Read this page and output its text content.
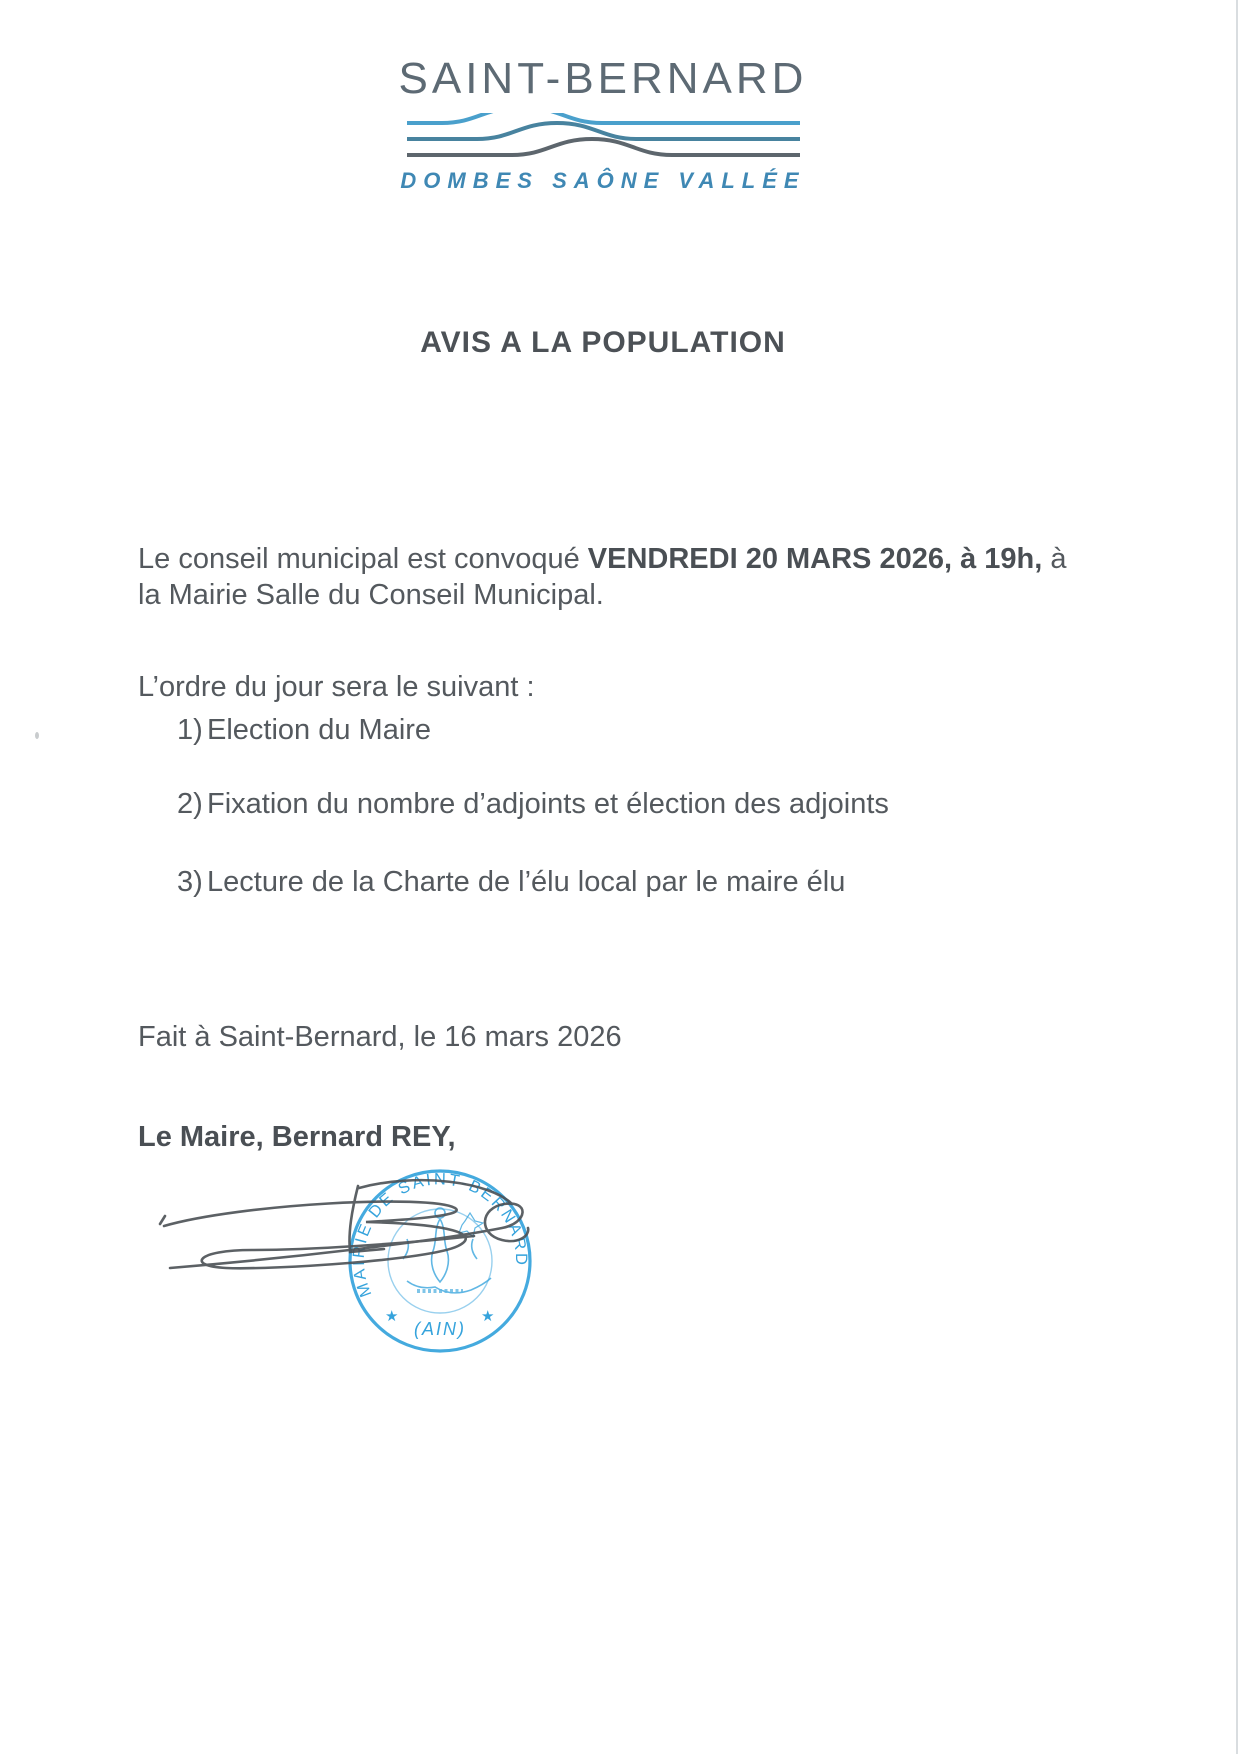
SAINT-BERNARD
DOMBES SAÔNE VALLÉE
AVIS A LA POPULATION

Le conseil municipal est convoqué VENDREDI 20 MARS 2026, à 19h, à
la Mairie Salle du Conseil Municipal.

L’ordre du jour sera le suivant :

1) Election du Maire
2) Fixation du nombre d’adjoints et élection des adjoints
3) Lecture de la Charte de l’élu local par le maire élu

Fait à Saint-Bernard, le 16 mars 2026

Le Maire, Bernard REY,

MAIRIE DE SAINT-BERNARD
★	★
(AIN)
